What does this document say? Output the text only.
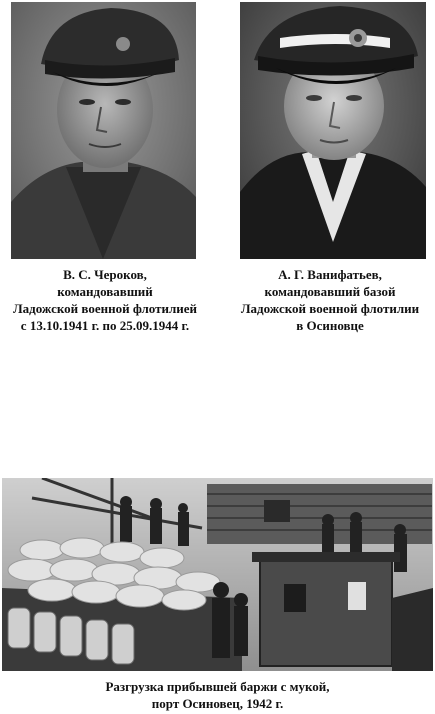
В. С. Чероков,
командовавший
Ладожской военной флотилией
с 13.10.1941 г. по 25.09.1944 г.
А. Г. Ванифатьев,
командовавший базой
Ладожской военной флотилии
в Осиновце
Разгрузка прибывшей баржи с мукой,
порт Осиновец, 1942 г.
